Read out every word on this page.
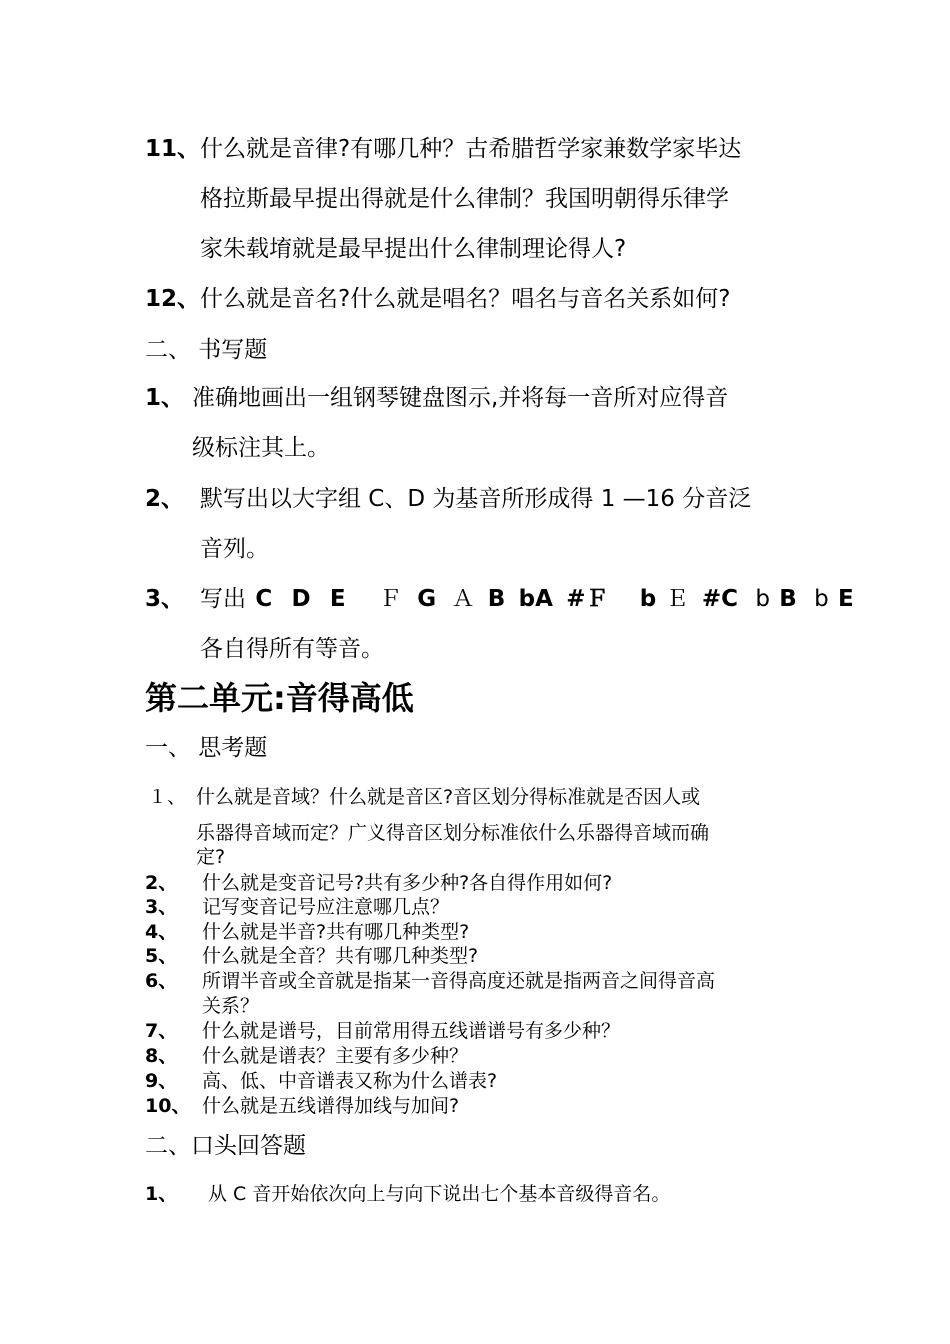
11、 什么就是音律?有哪几种？古希腊哲学家兼数学家毕达
格拉斯最早提出得就是什么律制？我国明朝得乐律学
家朱载堉就是最早提出什么律制理论得人?
12、 什么就是音名?什么就是唱名？唱名与音名关系如何?
二、 书写题
1、 准确地画出一组钢琴键盘图示,并将每一音所对应得音
级标注其上。
2、 默写出以大字组 C、D 为基音所形成得 1 —16 分音泛
音列。
3、 写出 C D E Ｆ G Ａ B bA #Ｆ b Ｅ #C b B b E
各自得所有等音。
第二单元:音得高低
一、 思考题
１、 什么就是音域？什么就是音区?音区划分得标准就是否因人或
乐器得音域而定？广义得音区划分标准依什么乐器得音域而确
定?
2、 什么就是变音记号?共有多少种?各自得作用如何?
3、 记写变音记号应注意哪几点？
4、 什么就是半音?共有哪几种类型?
5、 什么就是全音？共有哪几种类型?
6、 所谓半音或全音就是指某一音得高度还就是指两音之间得音高
关系？
7、 什么就是谱号，目前常用得五线谱谱号有多少种？
8、 什么就是谱表？主要有多少种？
9、 高、低、中音谱表又称为什么谱表?
10、 什么就是五线谱得加线与加间?
二、口头回答题
1、 从 C 音开始依次向上与向下说出七个基本音级得音名。
